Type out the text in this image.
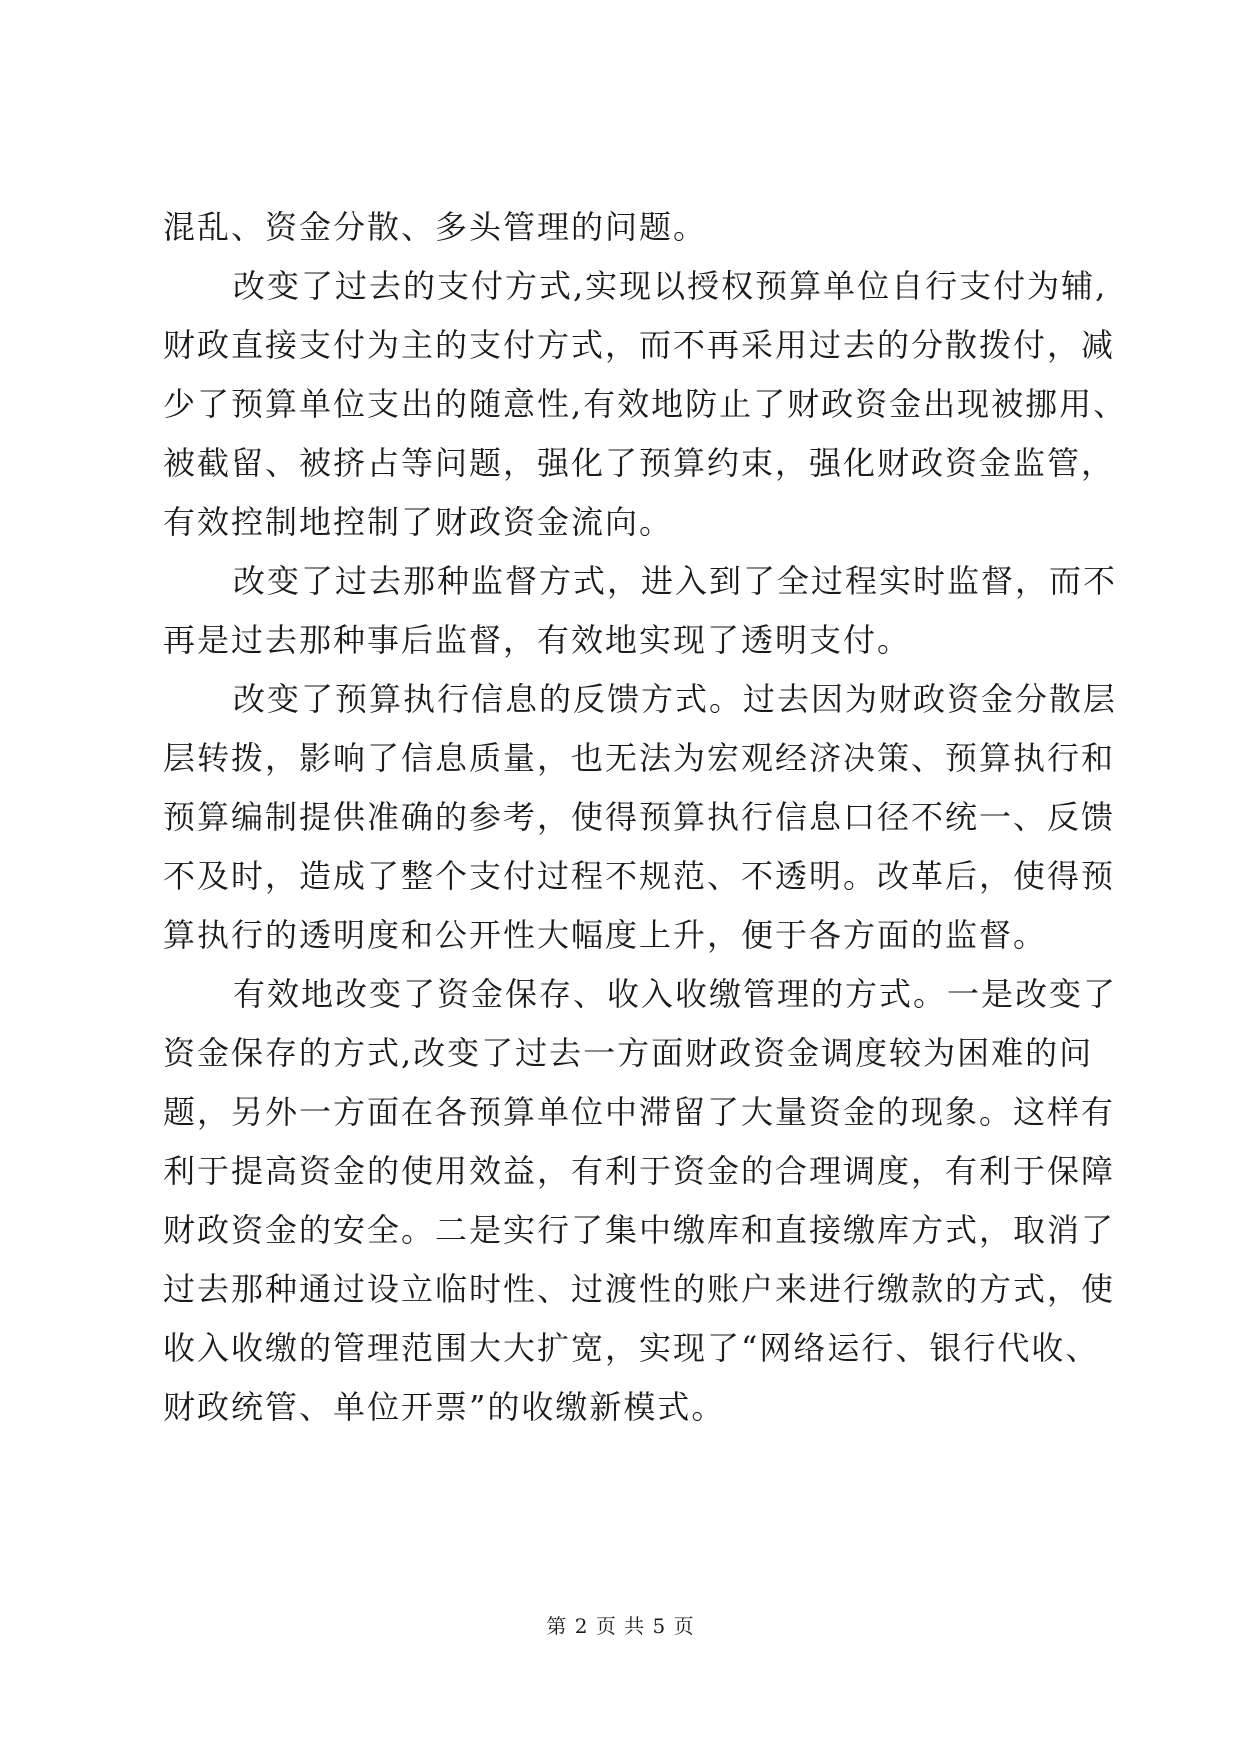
混乱、资金分散、多头管理的问题。
改变了过去的支付方式,实现以授权预算单位自行支付为辅,
财政直接支付为主的支付方式，而不再采用过去的分散拨付，减
少了预算单位支出的随意性,有效地防止了财政资金出现被挪用、
被截留、被挤占等问题，强化了预算约束，强化财政资金监管，
有效控制地控制了财政资金流向。
改变了过去那种监督方式，进入到了全过程实时监督，而不
再是过去那种事后监督，有效地实现了透明支付。
改变了预算执行信息的反馈方式。过去因为财政资金分散层
层转拨，影响了信息质量，也无法为宏观经济决策、预算执行和
预算编制提供准确的参考，使得预算执行信息口径不统一、反馈
不及时，造成了整个支付过程不规范、不透明。改革后，使得预
算执行的透明度和公开性大幅度上升，便于各方面的监督。
有效地改变了资金保存、收入收缴管理的方式。一是改变了
资金保存的方式,改变了过去一方面财政资金调度较为困难的问
题，另外一方面在各预算单位中滞留了大量资金的现象。这样有
利于提高资金的使用效益，有利于资金的合理调度，有利于保障
财政资金的安全。二是实行了集中缴库和直接缴库方式，取消了
过去那种通过设立临时性、过渡性的账户来进行缴款的方式，使
收入收缴的管理范围大大扩宽，实现了“网络运行、银行代收、
财政统管、单位开票”的收缴新模式。
第 2 页 共 5 页
